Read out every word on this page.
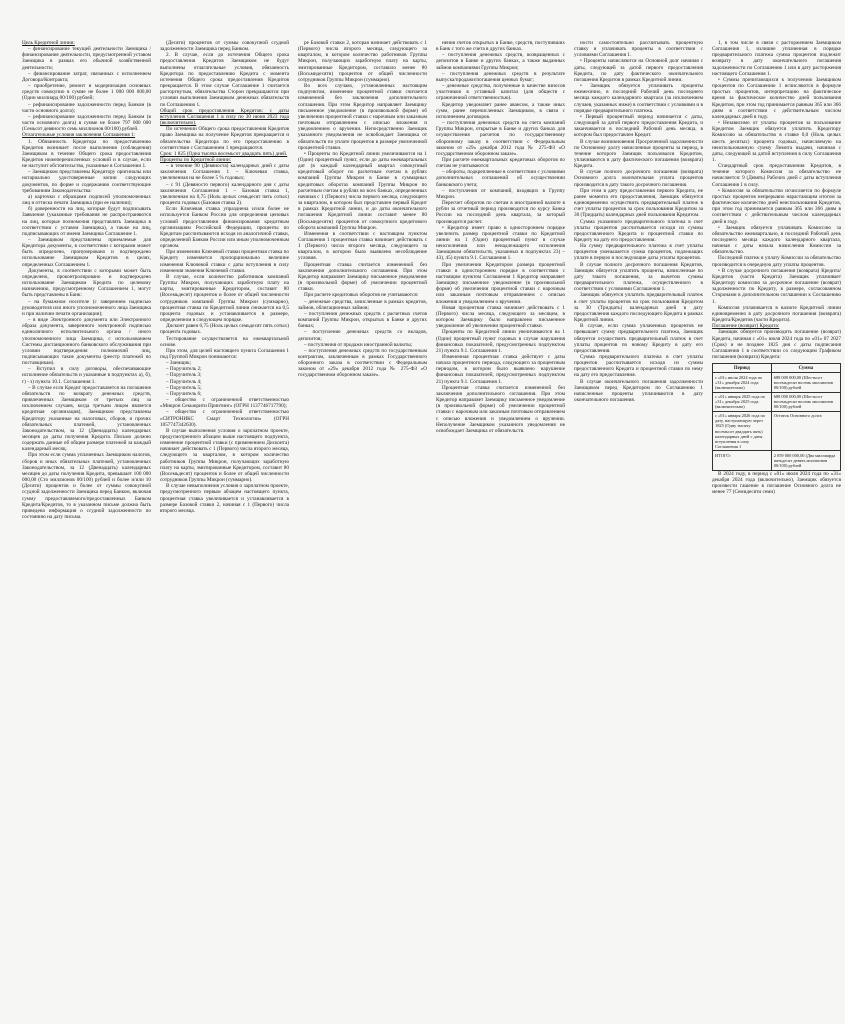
Цель Кредитной линии:

– финансирование текущей деятельности Заемщика / финансирование деятельности, предусмотренной уставом Заемщика в рамках его обычной хозяйственной деятельности;

– финансирование затрат, связанных с исполнением Договора/Контракта;

– приобретение, ремонт и модернизация основных средств совокупно в сумме не более 1 000 000 000,00 (Один миллиард 00/100) рублей;

– рефинансирование задолженности перед Банком (в части основного долга);

– рефинансирование задолженности перед Банком (в части основного долга) в сумме не более 797 000 000 (Семьсот девяносто семь миллионов 00/100) рублей.

Отлагательные условия заключения Соглашения 1:

1. Обязанность Кредитора по предоставлению Кредитов возникает после выполнения (соблюдения) Заемщиком в течение Общего срока предоставления Кредитов нижеперечисленных условий и в случае, если не наступит обстоятельства, указанные в Соглашении 1.

– Заемщиком представлены Кредитору оригиналы или нотариально удостоверенные копии следующих документов, по форме и содержанию соответствующие требованиям Законодательства:

а) карточки с образцами подписей уполномоченных лиц и оттиска печати Заемщика (при ее наличии);

б) доверенности на лиц, которые будут подписывать Заявление (указанные требования не распространяются на лиц, которые полномочия представлять Заемщика в соответствии с уставом Заемщика), а также на лиц, подписывающих от имени Заемщика Соглашение 1.

– Заемщиком представлены приемлемые для Кредитора документы, в соответствии с которыми может быть определено, пронумеровано и подтверждено использование Заемщиком Кредитов в целях, определенных Соглашением 1.

Документы, в соответствии с которыми может быть определено, проконтролировано и подтверждено использование Заемщиком Кредита по целевому назначению, предусмотренному Соглашением 1, могут быть представлены в Банк:

– на бумажном носителе (с заверением надписью руководителя или иного уполномоченного лица Заемщика и при наличии печати организации);

– в виде Электронного документа или Электронного образа документа, заверенного электронной подписью единоличного исполнительного органа / иного уполномоченного лица Заемщика, с использованием Системы дистанционного банковского обслуживания при условии подтверждения полномочий лиц, подписывающих такие документы (реестр платежей по поставщикам).

– Вступил в силу договоры, обеспечивающие исполнение обязательств и указанные в подпунктах а), б), г) - з) пункта 10.1. Соглашения 1.

– В случае если Кредит предоставляется на погашение обязательств по возврату денежных средств, привлеченных Заемщиком от третьих лиц за исключением случаев, когда третьим лицом является кредитная организация), Заемщиком представлены Кредитору указанные на налоговых, сборов, и прочих обязательных платежей, установленных Законодательством, за 12 (Двенадцать) календарных месяцев до даты получения Кредита. Письмо должно содержать данные об общем размере платежей за каждый календарный месяц.

При этом если сумма уплаченных Заемщиком налогов, сборов и иных обязательных платежей, установленных Законодательством, за 12 (Двенадцать) календарных месяцев до даты получения Кредита, превышает 100 000 000,00 (Сто миллионов 00/100) рублей и более и/или 10 (Десяти) процентов и более от суммы совокупной ссудной задолженности Заемщика перед Банком, включая сумму предоставляемого/предоставленных Банком Кредита/Кредитов, то в указанном письме должна быть приведена информация о ссудной задолженности по состоянию на дату письма.

(Десяти) процентов от суммы совокупной ссудной задолженности Заемщика перед Банком.

2. В случае, если до истечения Общего срока предоставления Кредитов Заемщиком не будут выполнены отлагательные условия, обязанность Кредитора по предоставлению Кредита с момента истечения Общего срока предоставления Кредитов прекращается. В этом случае Соглашение 1 считается расторгнутым, обязательства Сторон прекращаются при условии выполнения Заемщиком денежных обязательств по Соглашению 1.

Общий срок предоставления Кредитов: с даты вступления Соглашения 1 в силу по 30 июня 2023 года (включительно).

По истечении Общего срока предоставления Кредитов право Заемщика на получение Кредитов прекращается и обязательства Кредитора по его предоставлению в соответствии с Соглашением 1 прекращаются.

Срок: 1 825 (Одна тысяча восемьсот двадцать пять) дней.

Проценты по Кредитной линии:

– в течение 90 (Девяноста) календарных дней с даты заключения Соглашения 1 – Ключевая ставка, увеличенная на не более 5 % годовых;

– с 91 (Девяносто первого) календарного дня с даты заключения Соглашения 1 – Базовая ставка 1, увеличенная на 0,75 (Ноль целых семьдесят пять сотых) процента годовых (Базовая ставка 2).

Если Ключевая ставка упразднена и/или более не используется Банком России для определения ценовых условий предоставления финансирования кредитным организациям Российской Федерации, проценты по Кредитам рассчитываются исходя из аналогичной ставки, определенной Банком России или иным уполномоченным органом.

При изменении Ключевой ставки процентная ставка по Кредиту изменяется пропорционально величине изменения Ключевой ставки с даты вступления в силу изменения значения Ключевой ставки.

В случае, если количество работников компаний Группы Микрон, получающих заработную плату на карты, эмитированные Кредитором, составит 80 (Восемьдесят) процентов и более от общей численности сотрудников компаний Группы Микрон (суммарно), процентная ставка по Кредитной линии снижается на 0,5 процента годовых и устанавливается в размере, определенном в следующем порядке.

Дисконт равен 0,75 (Ноль целых семьдесят пять сотых) процента годовых.

Тестирование осуществляется на ежеквартальной основе.

При этом, для целей настоящего пункта Соглашения 1 под Группой Микрон понимаются:

– Заемщик;

– Поручитель 2;

– Поручитель 3;

– Поручитель 4;

– Поручитель 5;

– Поручитель 6;

– общество с ограниченной ответственностью «Микрон Секьюрити Принтинг» (ОГРН 1137746717790);

– общество с ограниченной ответственностью «СИТРОНИКС Смарт Технологии» (ОГРН 1057747342630).

В случае выполнения условия о зарплатном проекте, предусмотренного абзацем выше настоящего подпункта, изменение процентной ставки (с применением Дисконта) начинает действовать с 1 (Первого) числа второго месяца, следующего за кварталом, в котором количество работников Группы Микрон, получающих заработную плату на карты, эмитированные Кредитором, составит 80 (Восемьдесят) процентов и более от общей численности сотрудников Группы Микрон (суммарно).

В случае невыполнения условия о зарплатном проекте, предусмотренного первым абзацем настоящего пункта, процентная ставка увеличивается и устанавливается в размере Базовой ставки 2, начиная с 1 (Первого) числа второго месяца.

ре Базовой ставки 2, которая начинает действовать с 1 (Первого) числа второго месяца, следующего за кварталом, в котором количество работников Группы Микрон, получающих заработную плату на карты, эмитированные Кредитором, составило менее 80 (Восьмидесяти) процентов от общей численности сотрудников Группы Микрон (суммарно).

Во всех случаях, установленных настоящим подпунктом, изменение процентной ставки считается измененной без заключения дополнительного соглашения. При этом Кредитор направляет Заемщику письменное уведомление (в произвольной форме) об увеличении процентной ставки с нарочным или заказным почтовым отправлением с описью вложения и уведомлением о вручении. Непосредственно Заемщик указанного уведомления не освобождает Заемщика от обязательств по уплате процентов в размере увеличенной процентной ставки.

• Проценты по Кредитной линии увеличиваются на 1 (Один) процентный пункт, если до даты ежеквартальных дат (в каждый календарный квартал совокупный кредитовый оборот по расчетным счетам в рублях компаний Группы Микрон в Банке в суммарных кредитовых оборотах компаний Группы Микрон по расчетным счетам в рублях во всех банках, определенных начиная с 1 (Первого) числа первого месяца, следующего за кварталом, в котором был представлен первый Кредит в рамках Кредитной линии, и до даты окончательного погашения Кредитной линии составит менее 80 (Восьмидесяти) процентов от совокупного кредитового оборота компаний Группы Микрон.

Изменения в соответствии с настоящим пунктом Соглашения 1 процентная ставка начинает действовать с 1 (Первого) числа второго месяца, следующего за кварталом, в котором было выявлено несоблюдение условия.

Процентная ставка считается измененной без заключения дополнительного соглашения. При этом Кредитор направляет Заемщику письменное уведомление (в произвольной форме) об увеличении процентной ставки.

При расчете кредитовых оборотов не учитываются:

– денежные средства, зачисленные в рамках кредитов, займов, облигационных займов;

– поступления денежных средств с расчетных счетов компаний Группы Микрон, открытых в Банке и других банках;

– поступление денежных средств со вкладов, депозитов;

– поступления от продажи иностранной валюты;

– поступления денежных средств по государственным контрактам, заключенным в рамках Государственного оборонного заказа в соответствии с Федеральным законом от «29» декабря 2012 года № 275-ФЗ «О государственном оборонном заказе».

нения счетов открытых в Банке, средств, поступивших в Банк с того же счета в других банках.

– поступления денежных средств, возвращенных с депозитов в Банке и других банках, а также выданных займов компаниями Группы Микрон;

– поступления денежных средств в результате выпуска/продажи/погашения ценных бумаг;

– денежные средства, полученные в качестве взносов участников в уставный капитал (для обществ с ограниченной ответственностью).

Кредитор уведомляет ранее авансом, а также иных сумм, ранее перечисленных Заемщиком, в связи с исполнением договоров.

– поступления денежных средств на счета компаний Группы Микрон, открытые в Банке и других банках для осуществления расчетов по государственному оборонному заказу в соответствии с Федеральным законом от «29» декабря 2012 года № 275-ФЗ «О государственном оборонном заказе».

При расчете ежеквартальных кредитовых оборотов по счетам не учитываются:

– обороты, подкрепленные в соответствии с условиями дополнительных соглашений об осуществлении банковского учета;

– поступления от компаний, входящих в Группу Микрон.

Пересчет оборотов по счетам в иностранной валюте в рубли за отчетный период производится по курсу Банка России на последний день квартала, за который производится расчет.

• Кредитор имеет право в одностороннем порядке увеличить размер процентной ставки по Кредитной линии на 1 (Один) процентный пункт в случае неисполнения или ненадлежащего исполнения Заемщиком обязательств, указанных в подпунктах 23) – 43), 45) пункта 9.1. Соглашения 1.

При увеличении Кредитором размера процентной ставки в одностороннем порядке в соответствии с настоящим пунктом Соглашения 1 Кредитор направляет Заемщику письменное уведомление (в произвольной форме) об увеличении процентной ставки с нарочным или заказным почтовым отправлением с описью вложения и уведомлением о вручении.

Новая процентная ставка начинает действовать с 1 (Первого) числа месяца, следующего за месяцем, в котором Заемщику было направлено письменное уведомление об увеличении процентной ставки.

Проценты по Кредитной линии увеличиваются на 1 (Один) процентный пункт годовых в случае нарушения финансовых показателей, предусмотренных подпунктом 21) пункта 9.1. Соглашения 1.

Измененная процентная ставка действует с даты начала процентного периода, следующего за процентным периодом, в котором было выявлено нарушение финансовых показателей, предусмотренных подпунктом 21) пункта 9.1. Соглашения 1.

Процентная ставка считается измененной без заключения дополнительного соглашения. При этом Кредитор направляет Заемщику письменное уведомление (в произвольной форме) об увеличении процентной ставки с нарочным или заказным почтовым отправлением с описью вложения и уведомлением о вручении. Неполучение Заемщиком указанного уведомления не освобождает Заемщика от обязательств.

ности самостоятельно рассчитывать процентную ставку и уплачивать проценты в соответствии с условиями Соглашения 1.

• Проценты начисляются на Основной долг начиная с даты, следующей за датой первого предоставления Кредита, по дату фактического окончательного погашения Кредитов в рамках Кредитной линии.

• Заемщик обязуется уплачивать проценты ежемесячно, в последний Рабочий день последнего месяца каждого календарного квартала (за исключением случаев, указанных ниже) в соответствии с условиями и в порядке предварительного платежа.

• Первый процентный период начинается с даты, следующей за датой первого предоставления Кредита, и заканчивается в последний Рабочий день месяца, в котором был предоставлен Кредит.

В случае возникновения Просроченной задолженности по Основному долгу начисленные проценты за период, в течение которого Заемщик пользовался Кредитом, уплачиваются в дату фактического погашения (возврата) Кредита.

В случае полного досрочного погашения (возврата) Основного долга окончательная уплата процентов производится в дату такого досрочного погашения.

При этом в дату предоставления первого Кредита, не ранее момента его предоставления, Заемщик обязуется единовременно осуществить предварительный платеж в счет уплаты процентов за срок пользования Кредитом за 30 (Тридцать) календарных дней пользования Кредитом.

Сумма указанного предварительного платежа в счет уплаты процентов рассчитывается исходя из суммы предоставленного Кредита и процентной ставки по Кредиту на дату его предоставления.

На сумму предварительного платежа в счет уплаты процентов уменьшается сумма процентов, подлежащих уплате в первую и последующие даты уплаты процентов.

В случае полного досрочного погашения Кредитов, Заемщик обязуется уплатить проценты, начисленные по дату такого погашения, за вычетом суммы предварительного платежа, осуществленного в соответствии с условиями Соглашения 1.

Заемщик обязуется уплатить предварительный платеж в счет уплаты процентов на срок пользования Кредитом за 30 (Тридцать) календарных дней в дату предоставления каждого последующего Кредита в рамках Кредитной линии.

В случае, если сумма уплаченных процентов не превышает сумму предварительного платежа, Заемщик обязуется осуществить предварительный платеж в счет уплаты процентов по новому Кредиту в дату его предоставления.

Сумма предварительного платежа в счет уплаты процентов рассчитывается исходя из суммы предоставленного Кредита и процентной ставки по нему на дату его предоставления.

В случае окончательного погашения задолженности Заемщиком перед Кредитором по Соглашению 1 начисленные проценты уплачиваются в дату окончательного погашения.

1, в том числе в связи с расторжением Заемщиком Соглашения 1, излишне уплаченная в порядке предварительного платежа сумма процентов подлежит возврату в дату окончательного погашения задолженности по Соглашению 1 или в дату расторжения настоящего Соглашения 1.

• Суммы причитающихся к получению Заемщиком процентов по Соглашению 1 исчисляются в формуле простых процентов, интерпретацию на фактическое время за фактическое количество дней пользования Кредитом, при этом год принимается равным 365 или 366 дням в соответствии с действительным числом календарных дней в году.

• Независимо от уплаты процентов за пользование Кредитом Заемщик обязуется уплатить Кредитору Комиссию за обязательство в ставке 0,0 (Ноль целых шесть десятых) процента годовых, начисляемую на неиспользованную сумму Лимита выдачи, начиная с даты, следующей за датой вступления в силу Соглашения 1.

Стандартный срок предоставления Кредитов, в течение которого Комиссия за обязательство не начисляется: 9 (Девять) Рабочих дней с даты вступления Соглашения 1 в силу.

• Комиссия за обязательство исчисляется по формуле простых процентов непрерывно нарастающим итогом за фактическое количество дней неиспользования Кредитов, при этом год принимается равным 365 или 366 дням в соответствии с действительным числом календарных дней в году.

• Заемщик обязуется уплачивать Комиссию за обязательство ежеквартально, в последний Рабочий день последнего месяца каждого календарного квартала, начиная с даты начала начисления Комиссии за обязательство.

Последний платеж в уплату Комиссии за обязательство производится в очередную дату уплаты процентов.

• В случае досрочного погашения (возврата) Кредита/Кредитов (части Кредита) Заемщик уплачивает Кредитору комиссию за досрочное погашение (возврат) задолженности по Кредиту, в размере, согласованном Сторонами в дополнительном соглашении к Соглашению 1.

Комиссия уплачивается в валюте Кредитной линии единовременно в дату досрочного погашения (возврата) Кредита/Кредитов (части Кредита).

Погашение (возврат) Кредита:

Заемщик обязуется производить погашение (возврат) Кредита, начиная с «01» июля 2024 года по «01» 07 2027 (Срок) и не позднее 1825 дня с даты подписания Соглашения 1 в соответствии со следующим Графиком погашения (возврата) Кредита:

Период	Сумма
с «01» июля 2024 года по «31» декабря 2024 года (включительно)	688 000 000,00 (Шестьсот восемьдесят восемь миллионов 00/100) рублей
с «01» января 2025 года по «31» декабря 2025 года (включительно)	688 000 000,00 (Шестьсот восемьдесят восемь миллионов 00/100) рублей
с «01» января 2026 года по дату, наступающую через 1825 (Одну тысячу восемьсот двадцать пять) календарных дней с даты вступления в силу Соглашения 1	Остаток Основного долга
ИТОГО:	2 059 000 000,00 (Два миллиарда пятьдесят девять миллионов 00/100) рублей

В 2024 году, в период с «01» июля 2024 года по «31» декабря 2024 года (включительно), Заемщик обязуется произвести гашение в погашение Основного долга не менее 77 (Семидесяти семи)
